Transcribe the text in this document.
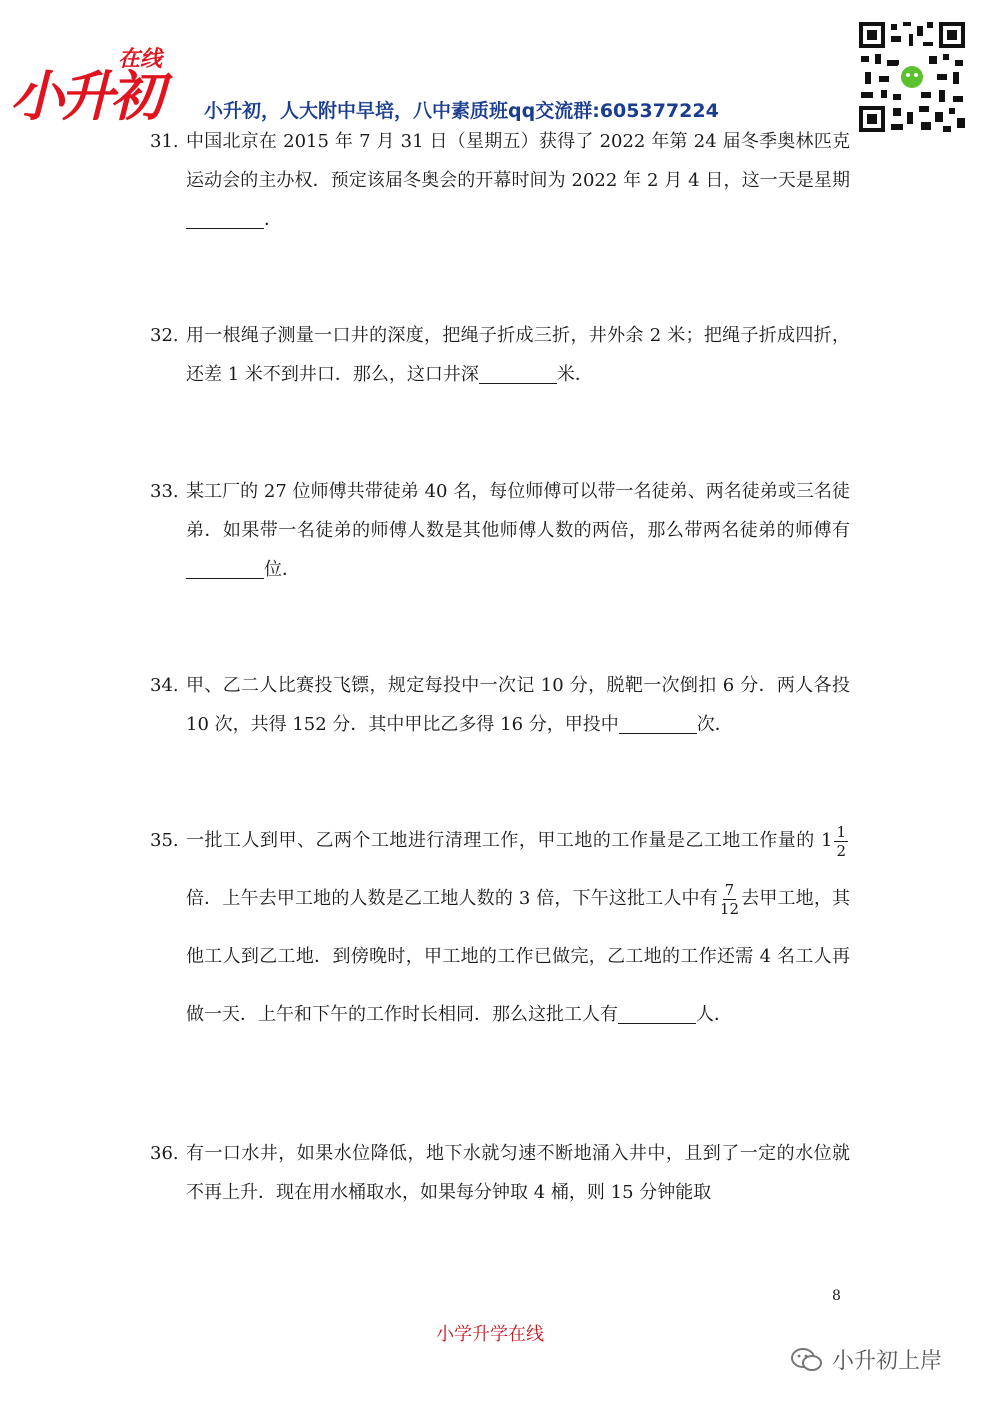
小升初
在线
小升初，人大附中早培，八中素质班qq交流群:605377224
31. 中国北京在 2015 年 7 月 31 日（星期五）获得了 2022 年第 24 届冬季奥林匹克运动会的主办权．预定该届冬奥会的开幕时间为 2022 年 2 月 4 日，这一天是星期．
32. 用一根绳子测量一口井的深度，把绳子折成三折，井外余 2 米；把绳子折成四折，还差 1 米不到井口．那么，这口井深	米．
33. 某工厂的 27 位师傅共带徒弟 40 名，每位师傅可以带一名徒弟、两名徒弟或三名徒弟．如果带一名徒弟的师傅人数是其他师傅人数的两倍，那么带两名徒弟的师傅有位．
34. 甲、乙二人比赛投飞镖，规定每投中一次记 10 分，脱靶一次倒扣 6 分．两人各投 10 次，共得 152 分．其中甲比乙多得 16 分，甲投中	次．
35. 一批工人到甲、乙两个工地进行清理工作，甲工地的工作量是乙工地工作量的 $1 \frac{1}{2}$
倍．上午去甲工地的人数是乙工地人数的 3 倍，下午这批工人中有 $\frac{7}{12}$ 去甲工地，其他工人到乙工地．到傍晚时，甲工地的工作已做完，乙工地的工作还需 4 名工人再做一天．上午和下午的工作时长相同．那么这批工人有	人．
36. 有一口水井，如果水位降低，地下水就匀速不断地涌入井中，且到了一定的水位就不再上升．现在用水桶取水，如果每分钟取 4 桶，则 15 分钟能取
8
小学升学在线
小升初上岸
